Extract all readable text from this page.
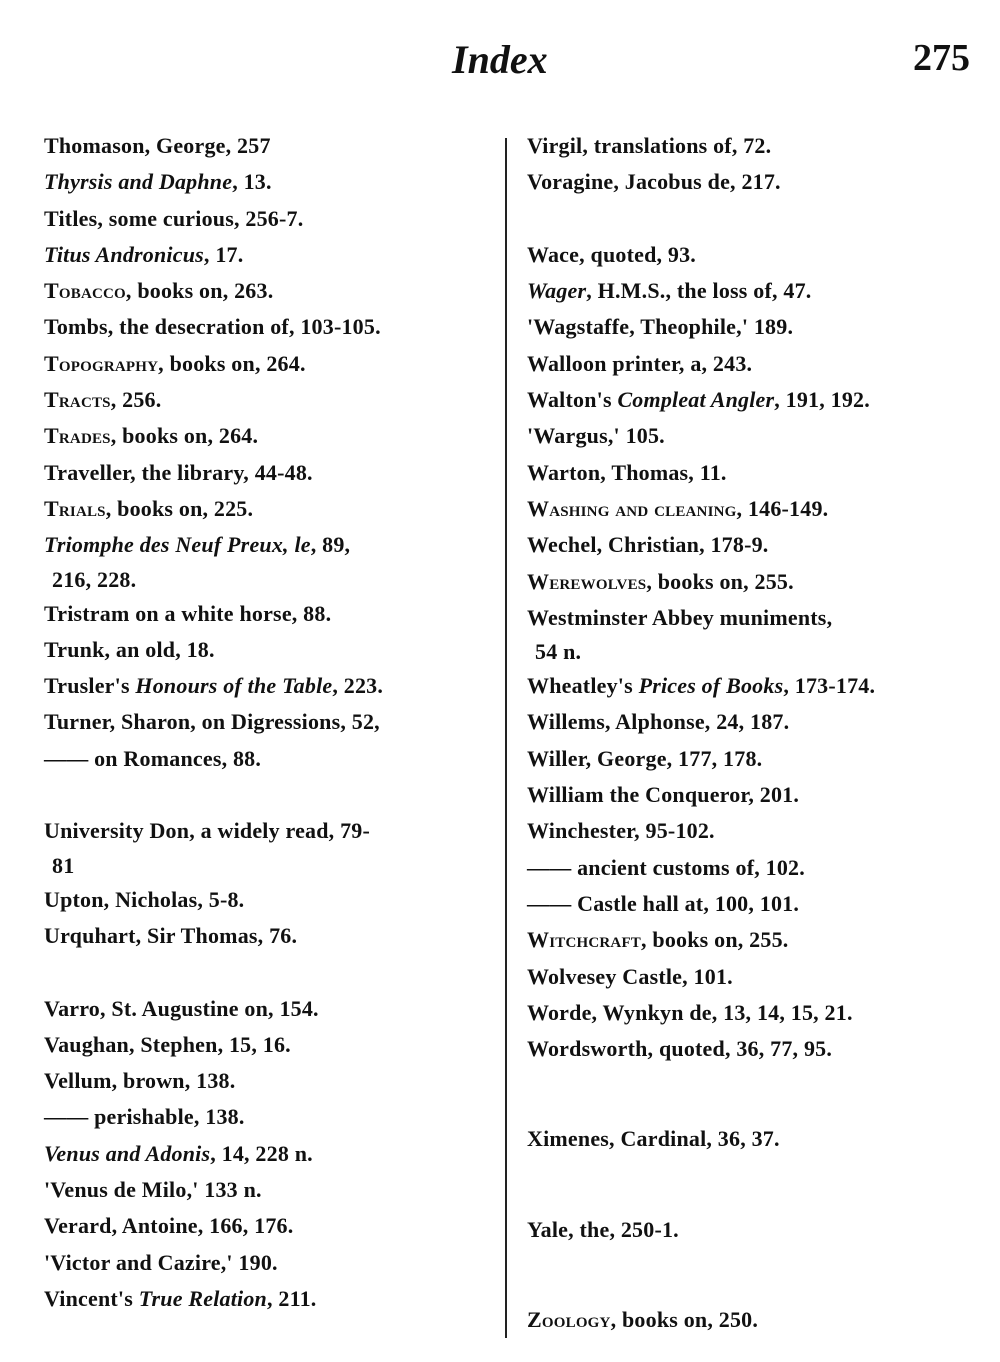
Index	275
Thomason, George, 257
Thyrsis and Daphne, 13.
Titles, some curious, 256-7.
Titus Andronicus, 17.
Tobacco, books on, 263.
Tombs, the desecration of, 103-105.
Topography, books on, 264.
Tracts, 256.
Trades, books on, 264.
Traveller, the library, 44-48.
Trials, books on, 225.
Triomphe des Neuf Preux, le, 89,
216, 228.
Tristram on a white horse, 88.
Trunk, an old, 18.
Trusler's Honours of the Table, 223.
Turner, Sharon, on Digressions, 52,
—— on Romances, 88.
University Don, a widely read, 79-
81
Upton, Nicholas, 5-8.
Urquhart, Sir Thomas, 76.
Varro, St. Augustine on, 154.
Vaughan, Stephen, 15, 16.
Vellum, brown, 138.
—— perishable, 138.
Venus and Adonis, 14, 228 n.
'Venus de Milo,' 133 n.
Verard, Antoine, 166, 176.
'Victor and Cazire,' 190.
Vincent's True Relation, 211.
Virgil, translations of, 72.
Voragine, Jacobus de, 217.
Wace, quoted, 93.
Wager, H.M.S., the loss of, 47.
'Wagstaffe, Theophile,' 189.
Walloon printer, a, 243.
Walton's Compleat Angler, 191, 192.
'Wargus,' 105.
Warton, Thomas, 11.
Washing and cleaning, 146-149.
Wechel, Christian, 178-9.
Werewolves, books on, 255.
Westminster Abbey muniments,
54 n.
Wheatley's Prices of Books, 173-174.
Willems, Alphonse, 24, 187.
Willer, George, 177, 178.
William the Conqueror, 201.
Winchester, 95-102.
—— ancient customs of, 102.
—— Castle hall at, 100, 101.
Witchcraft, books on, 255.
Wolvesey Castle, 101.
Worde, Wynkyn de, 13, 14, 15, 21.
Wordsworth, quoted, 36, 77, 95.
Ximenes, Cardinal, 36, 37.
Yale, the, 250-1.
Zoology, books on, 250.
